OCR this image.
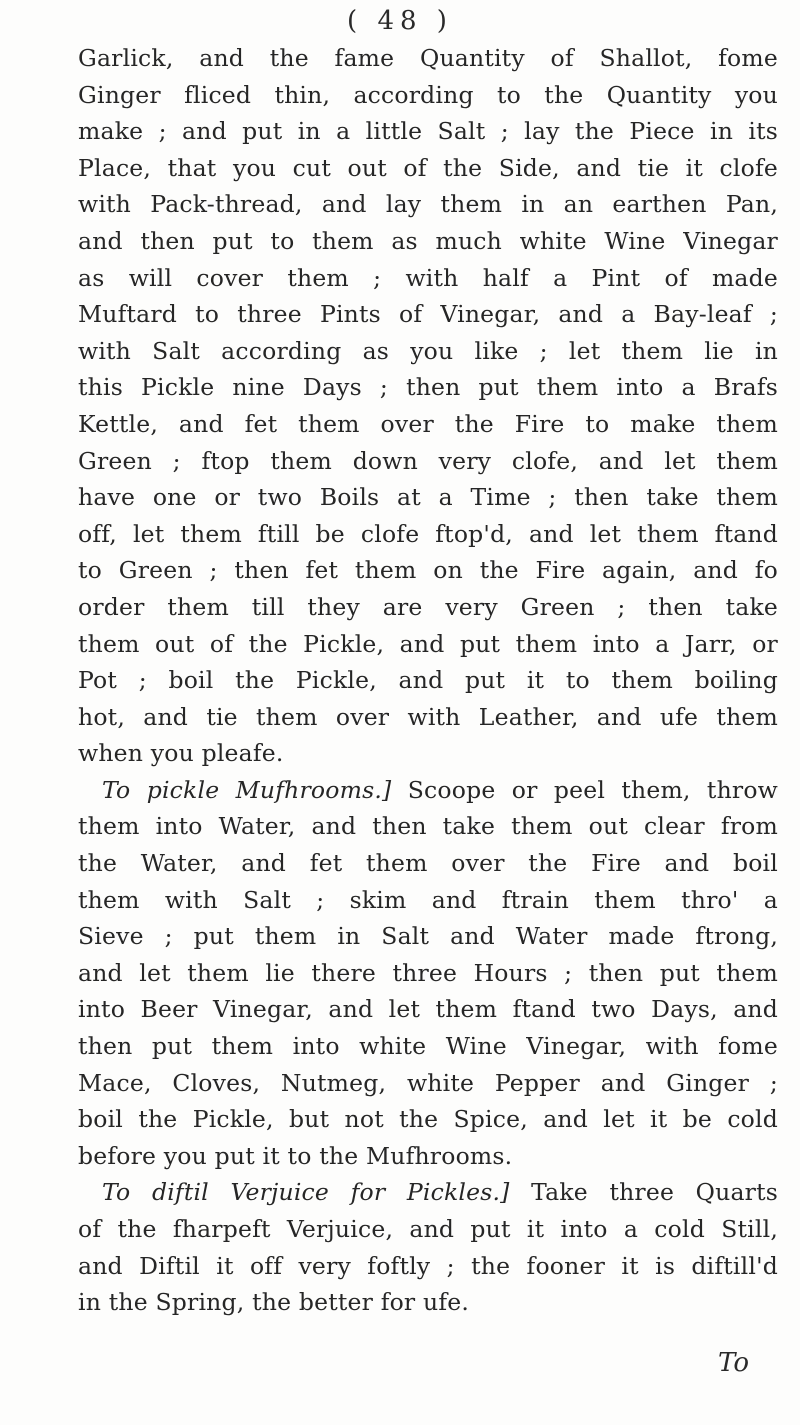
( 48 )
Garlick, and the fame Quantity of Shallot, fome
Ginger fliced thin, according to the Quantity you
make ; and put in a little Salt ; lay the Piece in its
Place, that you cut out of the Side, and tie it clofe
with Pack-thread, and lay them in an earthen Pan,
and then put to them as much white Wine Vinegar
as will cover them ; with half a Pint of made
Muftard to three Pints of Vinegar, and a Bay-leaf ;
with Salt according as you like ; let them lie in
this Pickle nine Days ; then put them into a Brafs
Kettle, and fet them over the Fire to make them
Green ; ftop them down very clofe, and let them
have one or two Boils at a Time ; then take them
off, let them ftill be clofe ftop'd, and let them ftand
to Green ; then fet them on the Fire again, and fo
order them till they are very Green ; then take
them out of the Pickle, and put them into a Jarr, or
Pot ; boil the Pickle, and put it to them boiling
hot, and tie them over with Leather, and ufe them
when you pleafe.
To pickle Mufhrooms.] Scoope or peel them, throw
them into Water, and then take them out clear from
the Water, and fet them over the Fire and boil
them with Salt ; skim and ftrain them thro' a
Sieve ; put them in Salt and Water made ftrong,
and let them lie there three Hours ; then put them
into Beer Vinegar, and let them ftand two Days, and
then put them into white Wine Vinegar, with fome
Mace, Cloves, Nutmeg, white Pepper and Ginger ;
boil the Pickle, but not the Spice, and let it be cold
before you put it to the Mufhrooms.
To diftil Verjuice for Pickles.] Take three Quarts
of the fharpeft Verjuice, and put it into a cold Still,
and Diftil it off very foftly ; the fooner it is diftill'd
in the Spring, the better for ufe.
To
